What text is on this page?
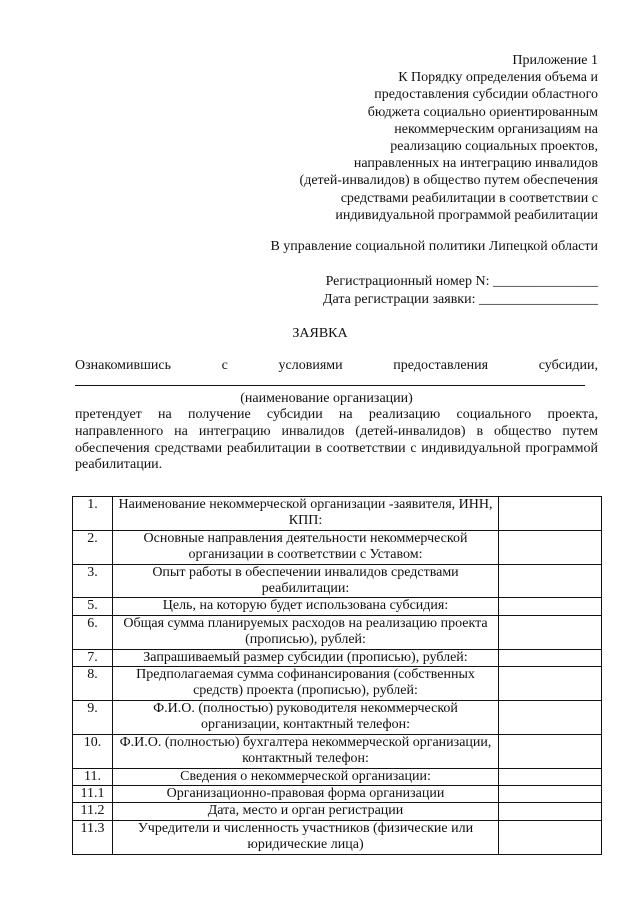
Приложение 1
К Порядку определения объема и
предоставления субсидии областного
бюджета социально ориентированным
некоммерческим организациям на
реализацию социальных проектов,
направленных на интеграцию инвалидов
(детей-инвалидов) в общество путем обеспечения
средствами реабилитации в соответствии с
индивидуальной программой реабилитации
В управление социальной политики Липецкой области
Регистрационный номер N: _______________
Дата регистрации заявки: _________________
ЗАЯВКА
Ознакомившись	с	условиями	предоставления	субсидии,
(наименование организации)
претендует на получение субсидии на реализацию социального проекта, направленного на интеграцию инвалидов (детей-инвалидов) в общество путем обеспечения средствами реабилитации в соответствии с индивидуальной программой реабилитации.
1.	Наименование некоммерческой организации -заявителя, ИНН, КПП:	
2.	Основные направления деятельности некоммерческой организации в соответствии с Уставом:	
3.	Опыт работы в обеспечении инвалидов средствами реабилитации:	
5.	Цель, на которую будет использована субсидия:	
6.	Общая сумма планируемых расходов на реализацию проекта (прописью), рублей:	
7.	Запрашиваемый размер субсидии (прописью), рублей:	
8.	Предполагаемая сумма софинансирования (собственных средств) проекта (прописью), рублей:	
9.	Ф.И.О. (полностью) руководителя некоммерческой организации, контактный телефон:	
10.	Ф.И.О. (полностью) бухгалтера некоммерческой организации, контактный телефон:	
11.	Сведения о некоммерческой организации:	
11.1	Организационно-правовая форма организации	
11.2	Дата, место и орган регистрации	
11.3	Учредители и численность участников (физические или юридические лица)	
